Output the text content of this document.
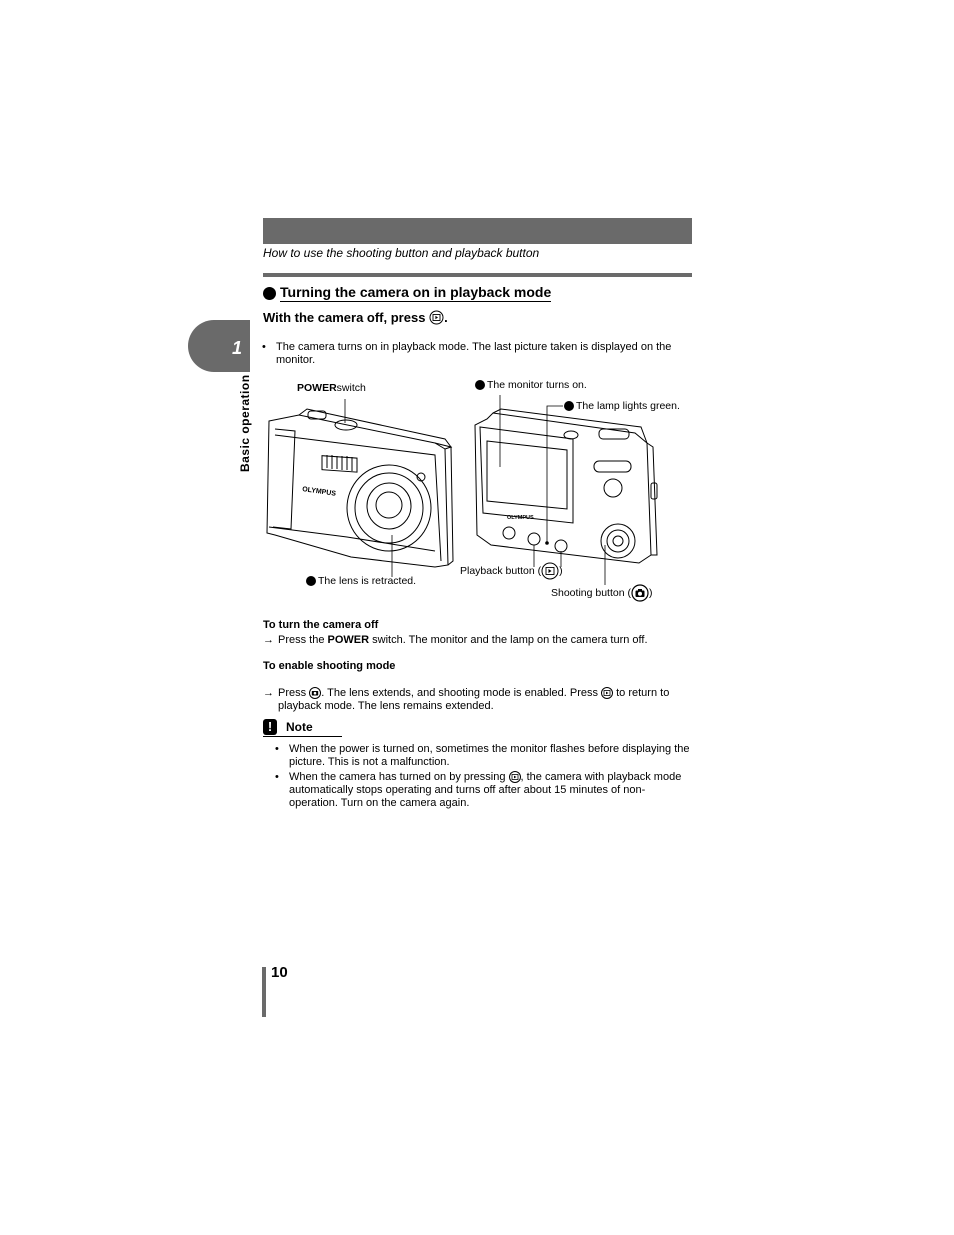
How to use the shooting button and playback button
1
Basic operation
Turning the camera on in playback mode
With the camera off, press
.
• The camera turns on in playback mode. The last picture taken is displayed on the monitor.
POWER switch
The lens is retracted.
The monitor turns on.
The lamp lights green.
Playback button ( )
Shooting button ( )
OLYMPUS
OLYMPUS
To turn the camera off
→ Press the POWER switch. The monitor and the lamp on the camera turn off.
To enable shooting mode
→ Press . The lens extends, and shooting mode is enabled. Press  to return to playback mode. The lens remains extended.
!	Note
• When the power is turned on, sometimes the monitor flashes before displaying the picture. This is not a malfunction.
• When the camera has turned on by pressing , the camera with playback mode automatically stops operating and turns off after about 15 minutes of non-operation. Turn on the camera again.
10
